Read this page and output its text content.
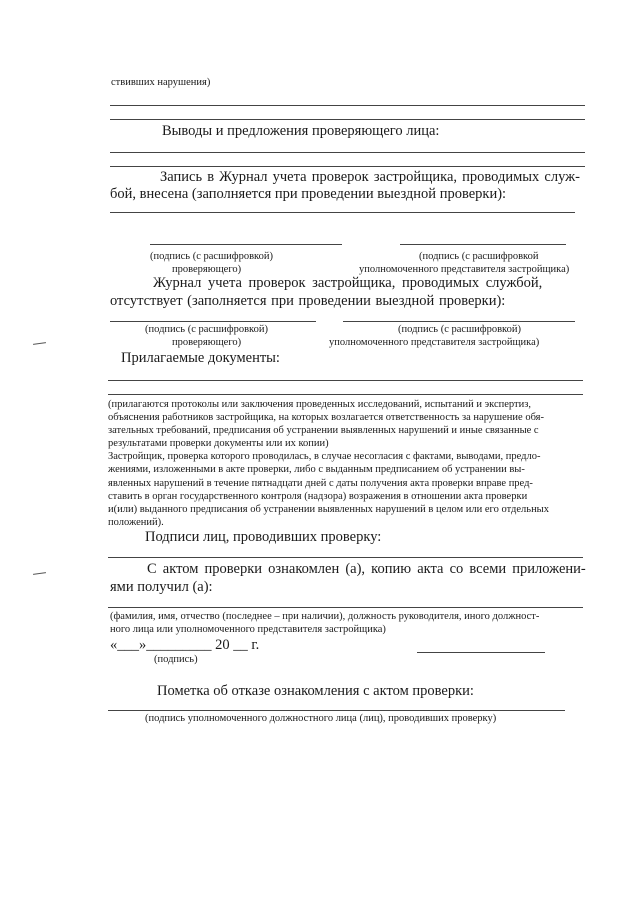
ствивших нарушения)
Выводы и предложения проверяющего лица:
Запись в Журнал учета проверок застройщика, проводимых служ-
бой, внесена (заполняется при проведении выездной проверки):
(подпись (с расшифровкой)
проверяющего)
(подпись (с расшифровкой
уполномоченного представителя застройщика)
Журнал учета проверок застройщика, проводимых службой,
отсутствует (заполняется при проведении выездной проверки):
(подпись (с расшифровкой)
проверяющего)
(подпись (с расшифровкой)
уполномоченного представителя застройщика)
Прилагаемые документы:
(прилагаются протоколы или заключения проведенных исследований, испытаний и экспертиз,
объяснения работников застройщика, на которых возлагается ответственность за нарушение обя-
зательных требований, предписания об устранении выявленных нарушений и иные связанные с
результатами проверки документы или их копии)
Застройщик, проверка которого проводилась, в случае несогласия с фактами, выводами, предло-
жениями, изложенными в акте проверки, либо с выданным предписанием об устранении вы-
явленных нарушений в течение пятнадцати дней с даты получения акта проверки вправе пред-
ставить в орган государственного контроля (надзора) возражения в отношении акта проверки
и(или) выданного предписания об устранении выявленных нарушений в целом или его отдельных
положений).
Подписи лиц, проводивших проверку:
С актом проверки ознакомлен (а), копию акта со всеми приложени-
ями получил (а):
(фамилия, имя, отчество (последнее – при наличии), должность руководителя, иного должност-
ного лица или уполномоченного представителя застройщика)
«___»_________ 20 __ г.
(подпись)
Пометка об отказе ознакомления с актом проверки:
(подпись уполномоченного должностного лица (лиц), проводивших проверку)
